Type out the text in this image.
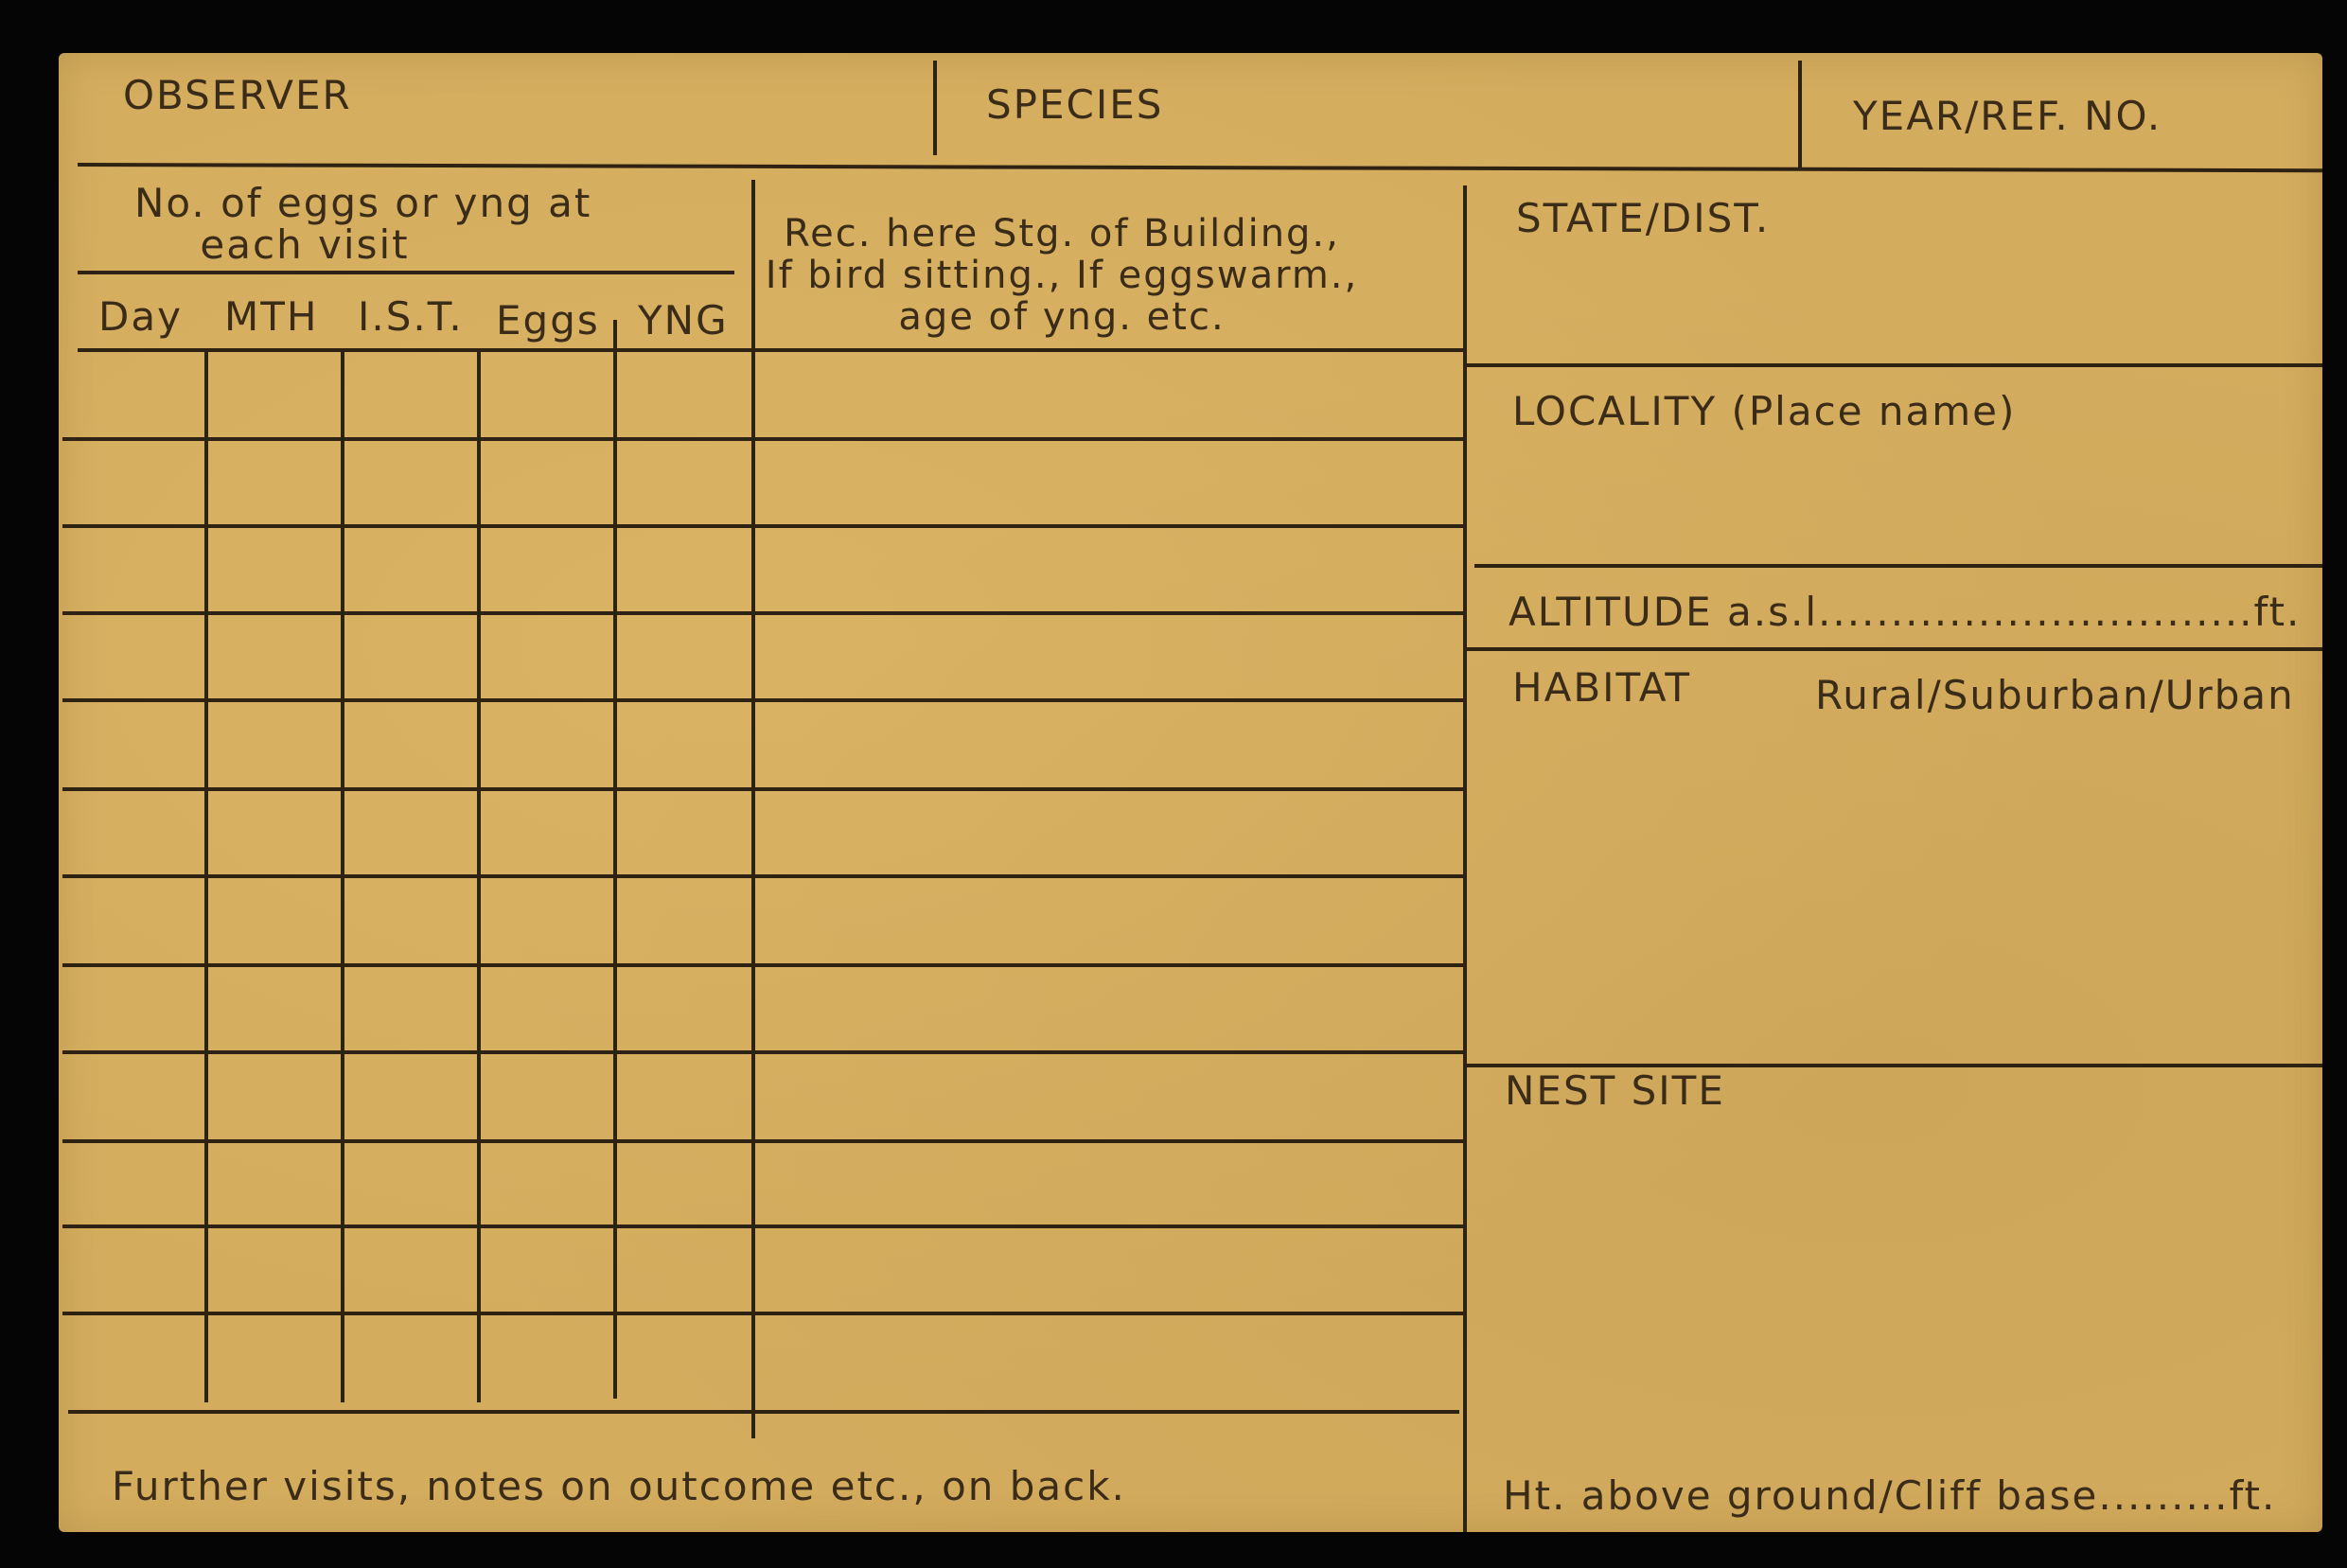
OBSERVER	SPECIES	YEAR/REF. NO.
No. of eggs or yng at
each visit
Day MTH I.S.T. Eggs YNG
Rec. here Stg. of Building.,
If bird sitting., If eggswarm.,
age of yng. etc.
STATE/DIST.
LOCALITY (Place name)
ALTITUDE a.s.l..............................ft.
HABITAT	Rural/Suburban/Urban
NEST SITE
Ht. above ground/Cliff base.........ft.
Further visits, notes on outcome etc., on back.
